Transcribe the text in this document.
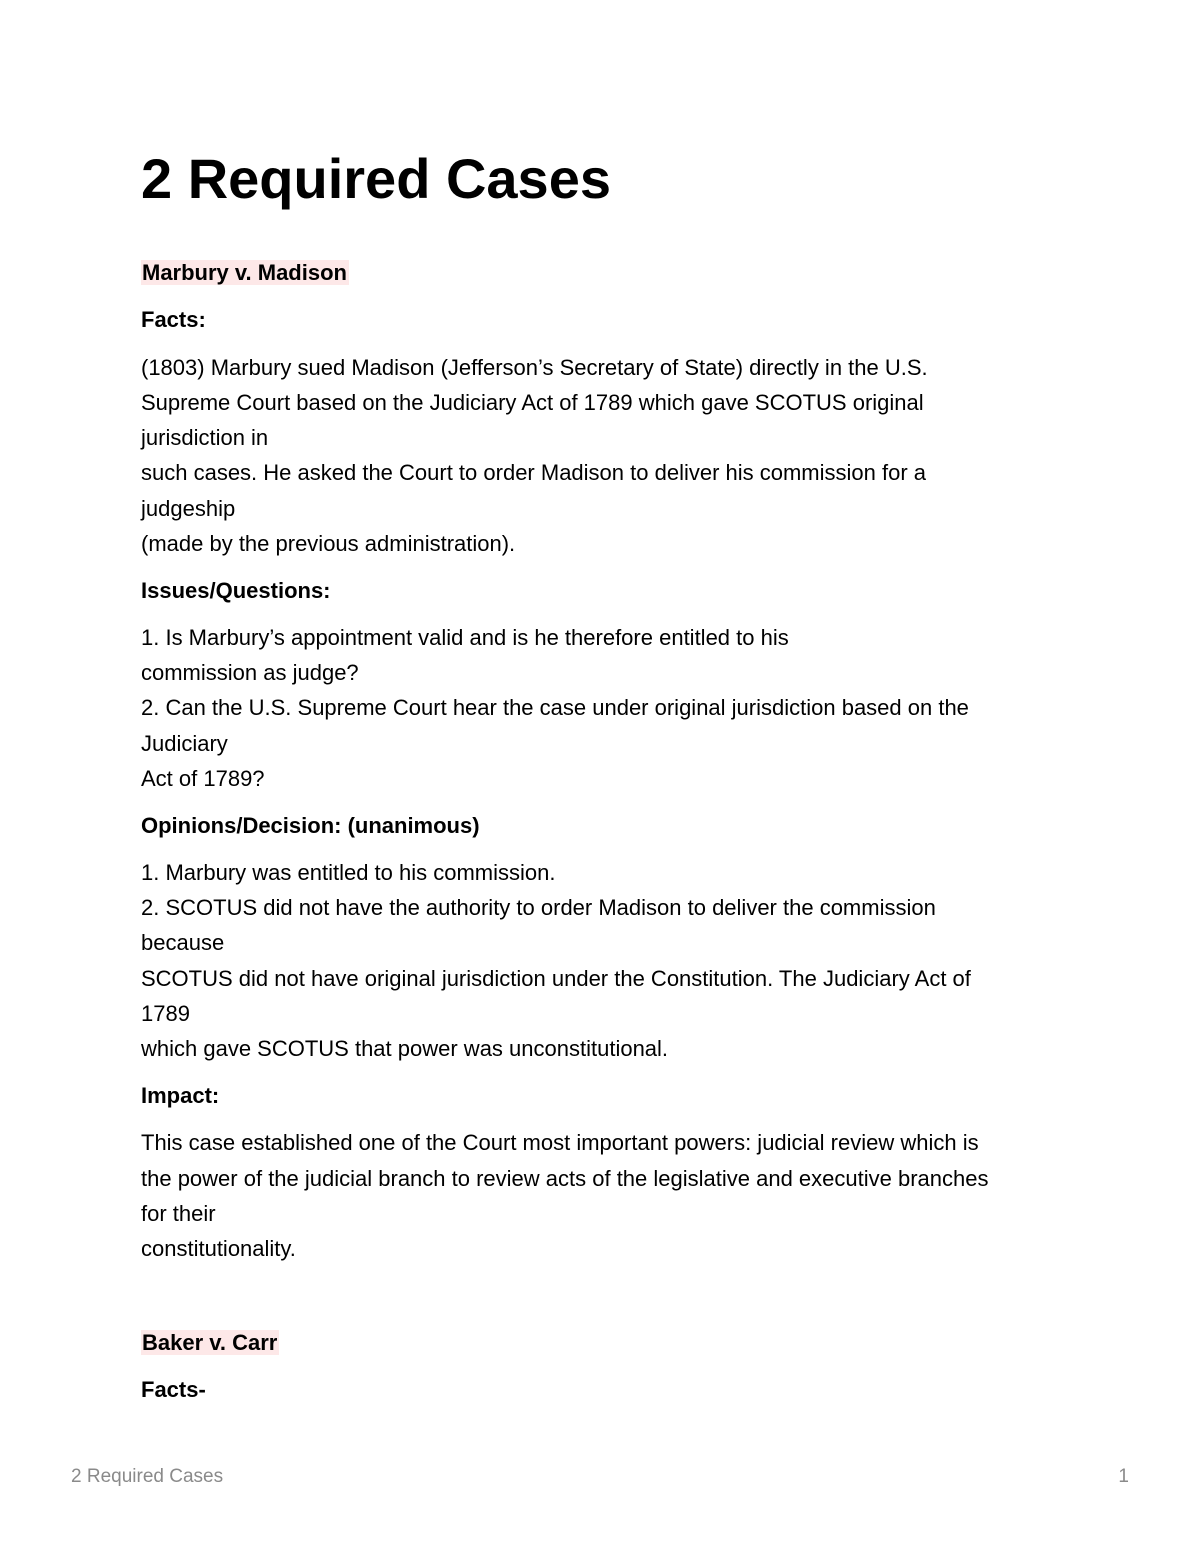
2 Required Cases
Marbury v. Madison

Facts:

(1803) Marbury sued Madison (Jefferson’s Secretary of State) directly in the U.S.

Supreme Court based on the Judiciary Act of 1789 which gave SCOTUS original

jurisdiction in

such cases. He asked the Court to order Madison to deliver his commission for a

judgeship

(made by the previous administration).

Issues/Questions:

1. Is Marbury’s appointment valid and is he therefore entitled to his

commission as judge?

2. Can the U.S. Supreme Court hear the case under original jurisdiction based on the

Judiciary

Act of 1789?

Opinions/Decision: (unanimous)

1. Marbury was entitled to his commission.

2. SCOTUS did not have the authority to order Madison to deliver the commission

because

SCOTUS did not have original jurisdiction under the Constitution. The Judiciary Act of

1789

which gave SCOTUS that power was unconstitutional.

Impact:

This case established one of the Court most important powers: judicial review which is

the power of the judicial branch to review acts of the legislative and executive branches

for their

constitutionality.

Baker v. Carr

Facts-

2 Required Cases	1
